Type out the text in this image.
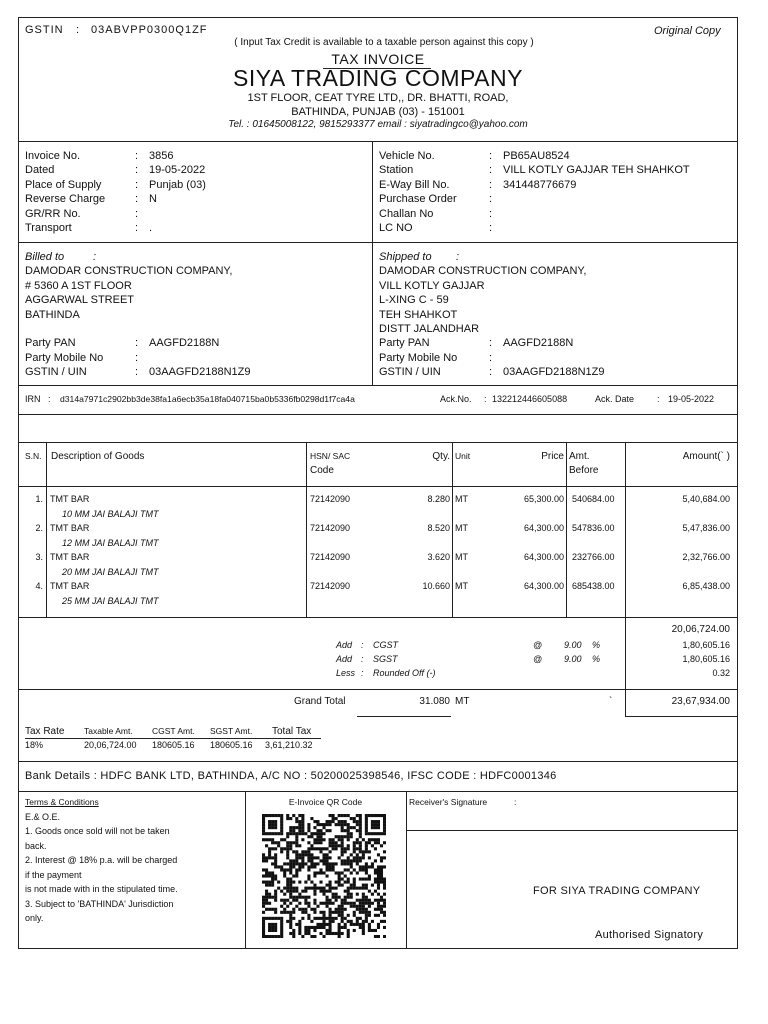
GSTIN : 03ABVPP0300Q1ZF	Original Copy
( Input Tax Credit is available to a taxable person against this copy )
TAX INVOICE
SIYA TRADING COMPANY
1ST FLOOR, CEAT TYRE LTD,, DR. BHATTI, ROAD,
BATHINDA, PUNJAB (03) - 151001
Tel. : 01645008122, 9815293377 email : siyatradingco@yahoo.com
Invoice No.	: 3856
Dated	: 19-05-2022
Place of Supply	: Punjab (03)
Reverse Charge	: N
GR/RR No.	:
Transport	: .
Vehicle No.	: PB65AU8524
Station	: VILL KOTLY GAJJAR TEH SHAHKOT
E-Way Bill No.	: 341448776679
Purchase Order	:
Challan No	:
LC NO	:
Billed to	:
DAMODAR CONSTRUCTION COMPANY,
# 5360 A 1ST FLOOR
AGGARWAL STREET
BATHINDA
Party PAN	: AAGFD2188N
Party Mobile No	:
GSTIN / UIN	: 03AAGFD2188N1Z9
Shipped to :
DAMODAR CONSTRUCTION COMPANY,
VILL KOTLY GAJJAR
L-XING C - 59
TEH SHAHKOT
DISTT JALANDHAR
Party PAN	: AAGFD2188N
Party Mobile No	:
GSTIN / UIN	: 03AAGFD2188N1Z9
IRN : d314a7971c2902bb3de38fa1a6ecb35a18fa040715ba0b5336fb0298d1f7ca4a	Ack.No. : 132212446605088	Ack. Date	: 19-05-2022
S.N. Description of Goods	HSN/ SAC
Code
Qty. Unit	Price Amt.
Before
Amount(` )
1. TMT BAR
10 MM JAI BALAJI TMT
72142090	8.280 MT	65,300.00 540684.00	5,40,684.00
2. TMT BAR
12 MM JAI BALAJI TMT
72142090	8.520 MT	64,300.00 547836.00	5,47,836.00
3. TMT BAR
20 MM JAI BALAJI TMT
72142090	3.620 MT	64,300.00 232766.00	2,32,766.00
4. TMT BAR
25 MM JAI BALAJI TMT
72142090	10.660 MT	64,300.00 685438.00	6,85,438.00
20,06,724.00
Add : CGST	@ 9.00 %	1,80,605.16
Add : SGST	@ 9.00 %	1,80,605.16
Less : Rounded Off (-)	0.32
Grand Total	31.080 MT	`	23,67,934.00
Tax Rate Taxable Amt. CGST Amt. SGST Amt. Total Tax
18%	20,06,724.00 180605.16 180605.16 3,61,210.32
Bank Details : HDFC BANK LTD, BATHINDA, A/C NO : 50200025398546, IFSC CODE : HDFC0001346
Terms & Conditions
E.& O.E.
1. Goods once sold will not be taken
back.
2. Interest @ 18% p.a. will be charged
if the payment
is not made with in the stipulated time.
3. Subject to 'BATHINDA' Jurisdiction
only.
E-Invoice QR Code	Receiver's Signature	:
FOR SIYA TRADING COMPANY
Authorised Signatory
